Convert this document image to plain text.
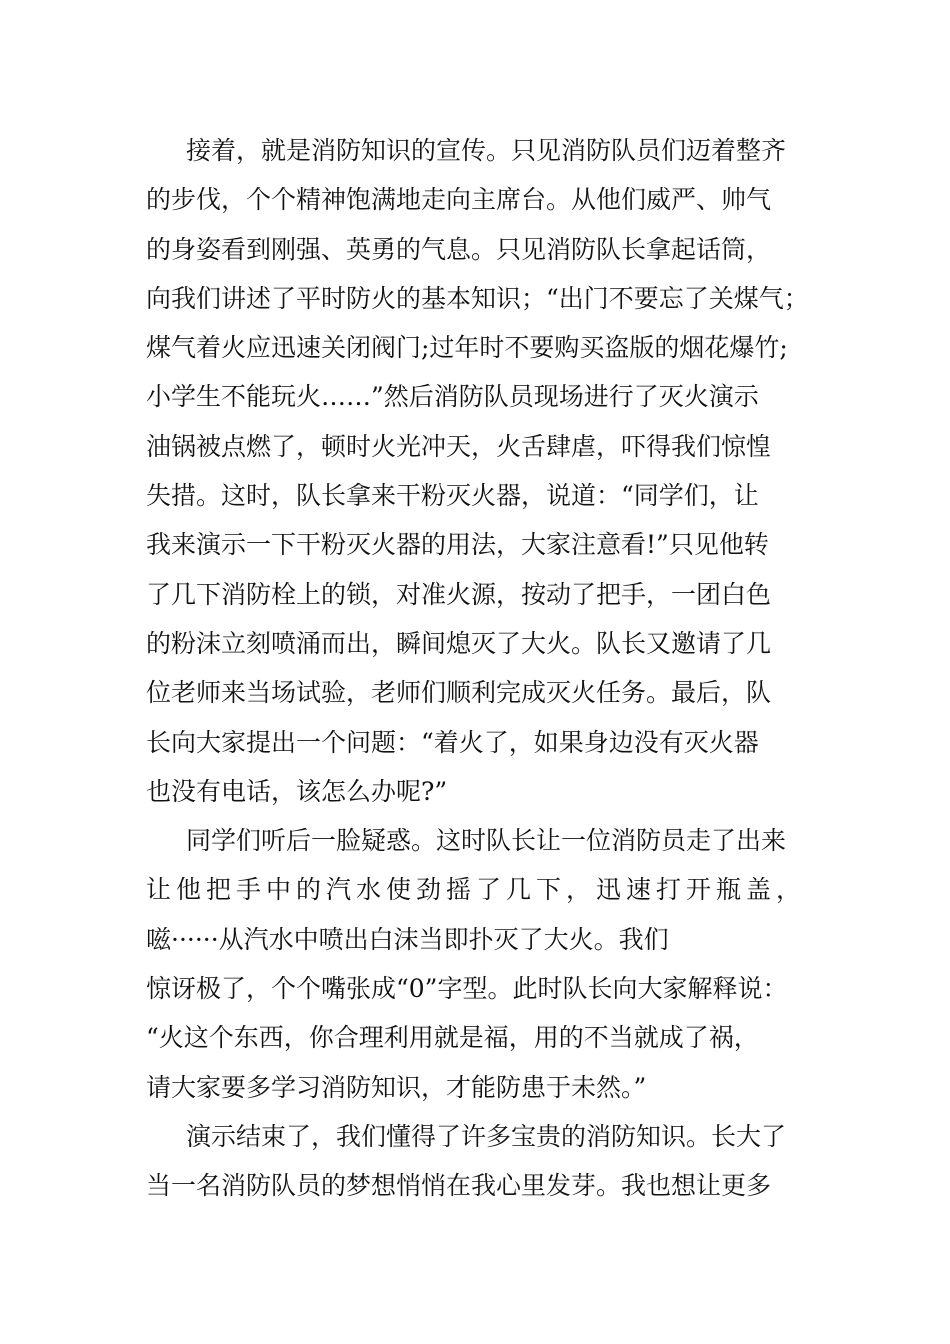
接着，就是消防知识的宣传。只见消防队员们迈着整齐
的步伐，个个精神饱满地走向主席台。从他们威严、帅气
的身姿看到刚强、英勇的气息。只见消防队长拿起话筒，
向我们讲述了平时防火的基本知识；“出门不要忘了关煤气；
煤气着火应迅速关闭阀门;过年时不要购买盗版的烟花爆竹;
小学生不能玩火……”然后消防队员现场进行了灭火演示
油锅被点燃了，顿时火光冲天，火舌肆虐，吓得我们惊惶
失措。这时，队长拿来干粉灭火器，说道：“同学们，让
我来演示一下干粉灭火器的用法，大家注意看!”只见他转
了几下消防栓上的锁，对准火源，按动了把手，一团白色
的粉沫立刻喷涌而出，瞬间熄灭了大火。队长又邀请了几
位老师来当场试验，老师们顺利完成灭火任务。最后，队
长向大家提出一个问题：“着火了，如果身边没有灭火器
也没有电话，该怎么办呢?”
同学们听后一脸疑惑。这时队长让一位消防员走了出来
让他把手中的汽水使劲摇了几下，迅速打开瓶盖，
嗞······从汽水中喷出白沫当即扑灭了大火。我们
惊讶极了，个个嘴张成“0”字型。此时队长向大家解释说：
“火这个东西，你合理利用就是福，用的不当就成了祸，
请大家要多学习消防知识，才能防患于未然。”
演示结束了，我们懂得了许多宝贵的消防知识。长大了
当一名消防队员的梦想悄悄在我心里发芽。我也想让更多
